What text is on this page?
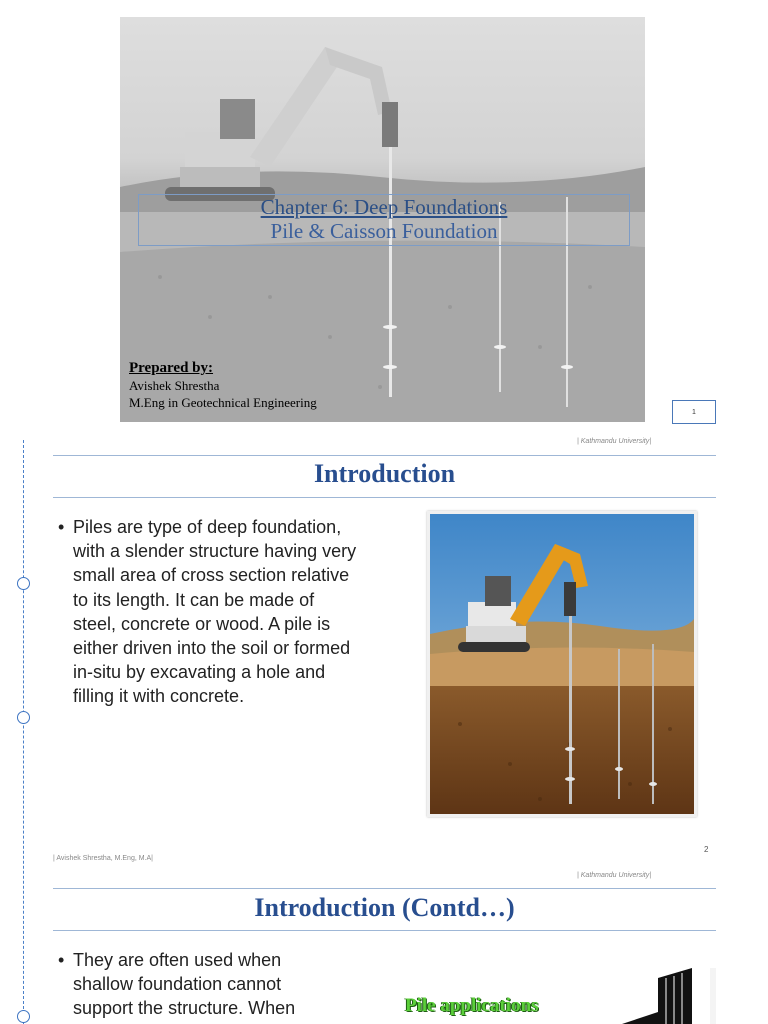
Chapter 6: Deep Foundations
Pile & Caisson Foundation
Prepared by:
Avishek Shrestha
M.Eng in Geotechnical Engineering
1
| Kathmandu University|
Introduction
• Piles are type of deep foundation,
with a slender structure having very
small area of cross section relative
to its length. It can be made of
steel, concrete or wood. A pile is
either driven into the soil or formed
in-situ by excavating a hole and
filling it with concrete.
| Avishek Shrestha, M.Eng, M.A|
2
| Kathmandu University|
Introduction (Contd…)
• They are often used when
shallow foundation cannot
support the structure. When	Pile applications
